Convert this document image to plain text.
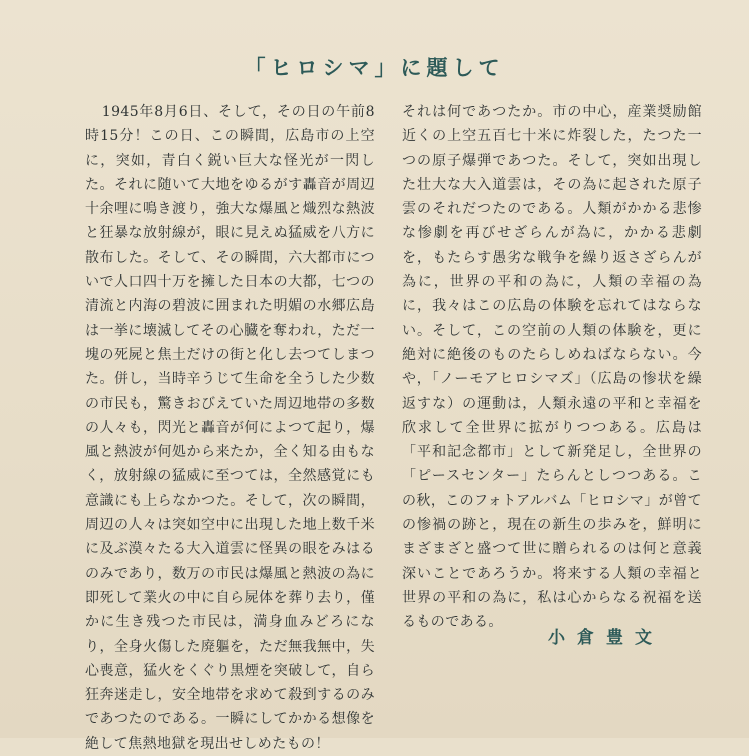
「ヒロシマ」に題して
1945年8月6日、そして，その日の午前8時15分！この日、この瞬間，広島市の上空に，突如，青白く鋭い巨大な怪光が一閃した。それに随いて大地をゆるがす轟音が周辺十余哩に鳴き渡り，強大な爆風と熾烈な熱波と狂暴な放射線が，眼に見えぬ猛威を八方に散布した。そして、その瞬間，六大都市についで人口四十万を擁した日本の大都，七つの清流と内海の碧波に囲まれた明媚の水郷広島は一挙に壊滅してその心臓を奪われ，ただ一塊の死屍と焦土だけの街と化し去つてしまつた。併し，当時辛うじて生命を全うした少数の市民も，驚きおびえていた周辺地帯の多数の人々も，閃光と轟音が何によつて起り，爆風と熱波が何処から来たか，全く知る由もなく，放射線の猛威に至つては，全然感覚にも意識にも上らなかつた。そして，次の瞬間，周辺の人々は突如空中に出現した地上数千米に及ぶ漠々たる大入道雲に怪異の眼をみはるのみであり，数万の市民は爆風と熱波の為に即死して業火の中に自ら屍体を葬り去り，僅かに生き残つた市民は，満身血みどろになり，全身火傷した廃軀を，ただ無我無中，失心喪意，猛火をくぐり黒煙を突破して，自ら狂奔迷走し，安全地帯を求めて殺到するのみであつたのである。一瞬にしてかかる想像を絶して焦熱地獄を現出せしめたもの！
それは何であつたか。市の中心，産業奨励館近くの上空五百七十米に炸裂した，たつた一つの原子爆弾であつた。そして，突如出現した壮大な大入道雲は，その為に起された原子雲のそれだつたのである。人類がかかる悲惨な惨劇を再びせざらんが為に，かかる悲劇を，もたらす愚劣な戦争を繰り返さざらんが為に，世界の平和の為に，人類の幸福の為に，我々はこの広島の体験を忘れてはならない。そして，この空前の人類の体験を，更に絶対に絶後のものたらしめねばならない。今や，「ノーモアヒロシマズ」（広島の惨状を繰返すな）の運動は，人類永遠の平和と幸福を欣求して全世界に拡がりつつある。広島は「平和記念都市」として新発足し，全世界の「ピースセンター」たらんとしつつある。この秋，このフォトアルバム「ヒロシマ」が曾ての惨禍の跡と，現在の新生の歩みを，鮮明にまざまざと盛つて世に贈られるのは何と意義深いことであろうか。将来する人類の幸福と世界の平和の為に，私は心からなる祝福を送るものである。
小倉豊文
